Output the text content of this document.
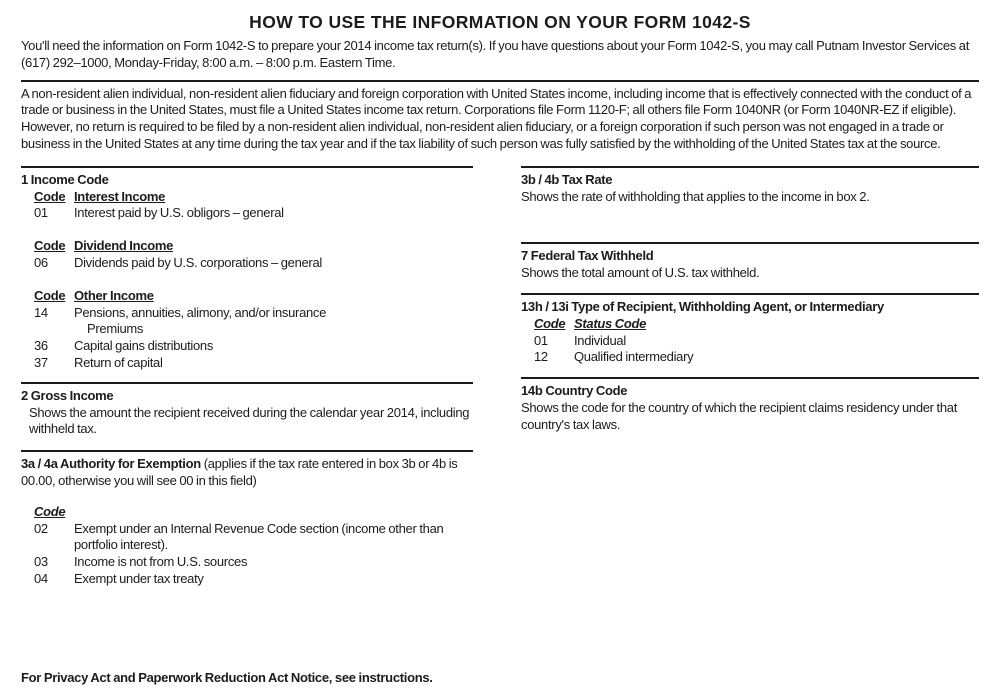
HOW TO USE THE INFORMATION ON YOUR FORM 1042-S

You'll need the information on Form 1042-S to prepare your 2014 income tax return(s). If you have questions about your Form 1042-S, you may call Putnam Investor Services at (617) 292–1000, Monday-Friday, 8:00 a.m. – 8:00 p.m. Eastern Time.

A non-resident alien individual, non-resident alien fiduciary and foreign corporation with United States income, including income that is effectively connected with the conduct of a trade or business in the United States, must file a United States income tax return. Corporations file Form 1120-F; all others file Form 1040NR (or Form 1040NR-EZ if eligible). However, no return is required to be filed by a non-resident alien individual, non-resident alien fiduciary, or a foreign corporation if such person was not engaged in a trade or business in the United States at any time during the tax year and if the tax liability of such person was fully satisfied by the withholding of the United States tax at the source.

1 Income Code
Code Interest Income
01	Interest paid by U.S. obligors – general
Code Dividend Income
06	Dividends paid by U.S. corporations – general
Code Other Income
14	Pensions, annuities, alimony, and/or insurance
Premiums
36	Capital gains distributions
37	Return of capital
2 Gross Income

Shows the amount the recipient received during the calendar year 2014, including withheld tax.

3a / 4a Authority for Exemption (applies if the tax rate entered in box 3b or 4b is 00.00, otherwise you will see 00 in this field)

Code
02	Exempt under an Internal Revenue Code section (income other than portfolio interest).
03	Income is not from U.S. sources
04	Exempt under tax treaty
3b / 4b Tax Rate

Shows the rate of withholding that applies to the income in box 2.

7 Federal Tax Withheld

Shows the total amount of U.S. tax withheld.

13h / 13i Type of Recipient, Withholding Agent, or Intermediary
Code Status Code
01	Individual
12	Qualified intermediary
14b Country Code

Shows the code for the country of which the recipient claims residency under that country's tax laws.

For Privacy Act and Paperwork Reduction Act Notice, see instructions.
